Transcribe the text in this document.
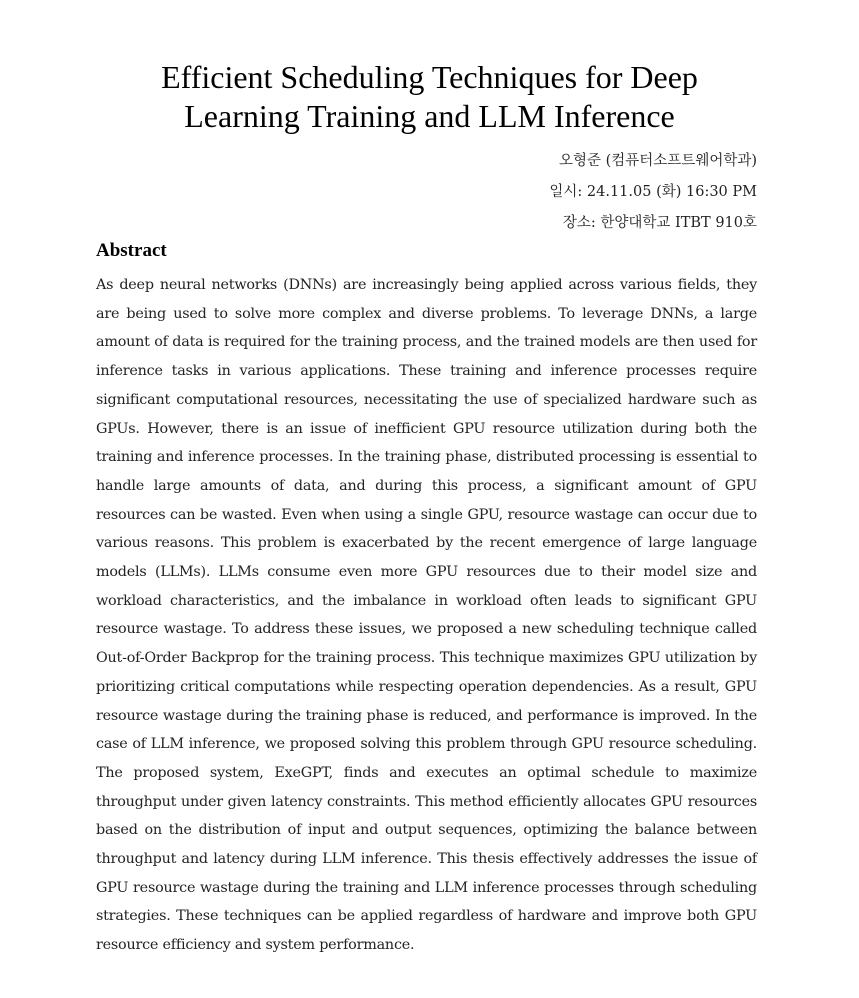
Efficient Scheduling Techniques for Deep
Learning Training and LLM Inference
오형준 (컴퓨터소프트웨어학과)
일시: 24.11.05 (화) 16:30 PM
장소: 한양대학교 ITBT 910호
Abstract

As deep neural networks (DNNs) are increasingly being applied across various fields, they are being used to solve more complex and diverse problems. To leverage DNNs, a large amount of data is required for the training process, and the trained models are then used for inference tasks in various applications. These training and inference processes require significant computational resources, necessitating the use of specialized hardware such as GPUs. However, there is an issue of inefficient GPU resource utilization during both the training and inference processes. In the training phase, distributed processing is essential to handle large amounts of data, and during this process, a significant amount of GPU resources can be wasted. Even when using a single GPU, resource wastage can occur due to various reasons. This problem is exacerbated by the recent emergence of large language models (LLMs). LLMs consume even more GPU resources due to their model size and workload characteristics, and the imbalance in workload often leads to significant GPU resource wastage. To address these issues, we proposed a new scheduling technique called Out-of-Order Backprop for the training process. This technique maximizes GPU utilization by prioritizing critical computations while respecting operation dependencies. As a result, GPU resource wastage during the training phase is reduced, and performance is improved. In the case of LLM inference, we proposed solving this problem through GPU resource scheduling. The proposed system, ExeGPT, finds and executes an optimal schedule to maximize throughput under given latency constraints. This method efficiently allocates GPU resources based on the distribution of input and output sequences, optimizing the balance between throughput and latency during LLM inference. This thesis effectively addresses the issue of GPU resource wastage during the training and LLM inference processes through scheduling strategies. These techniques can be applied regardless of hardware and improve both GPU resource efficiency and system performance.
